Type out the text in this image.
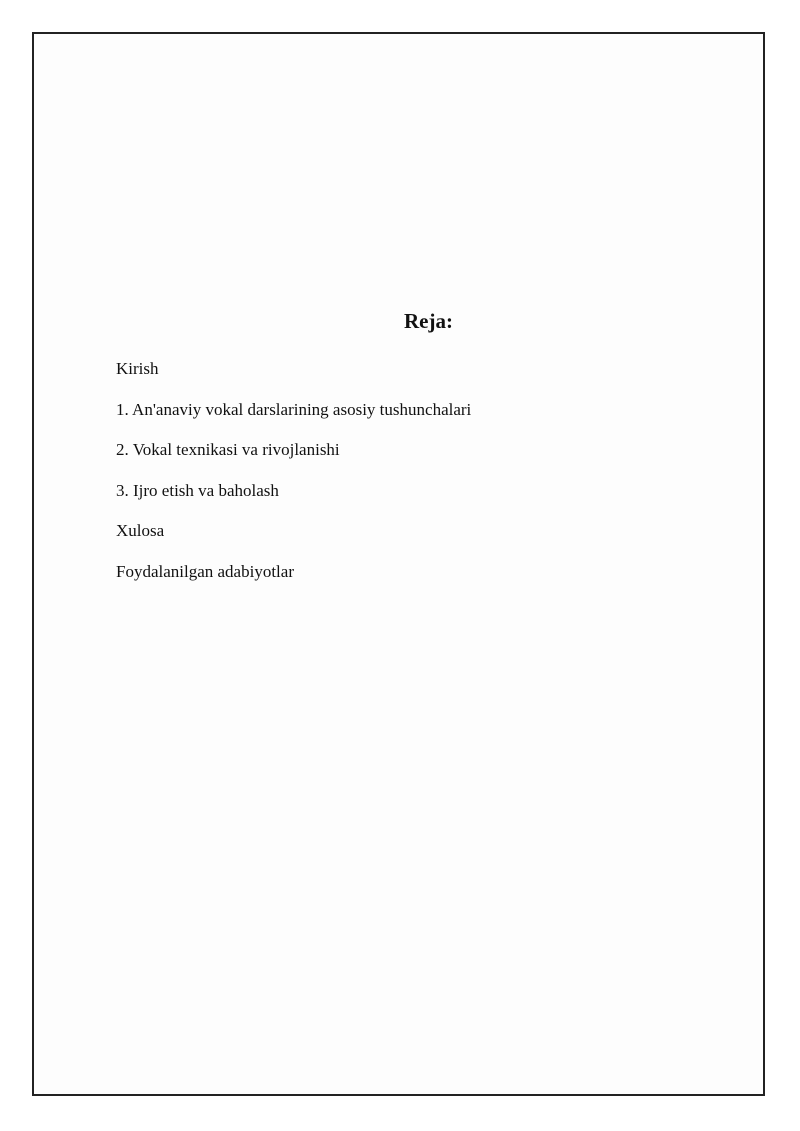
Reja:
Kirish
1. An'anaviy vokal darslarining asosiy tushunchalari
2. Vokal texnikasi va rivojlanishi
3. Ijro etish va baholash
Xulosa
Foydalanilgan adabiyotlar
